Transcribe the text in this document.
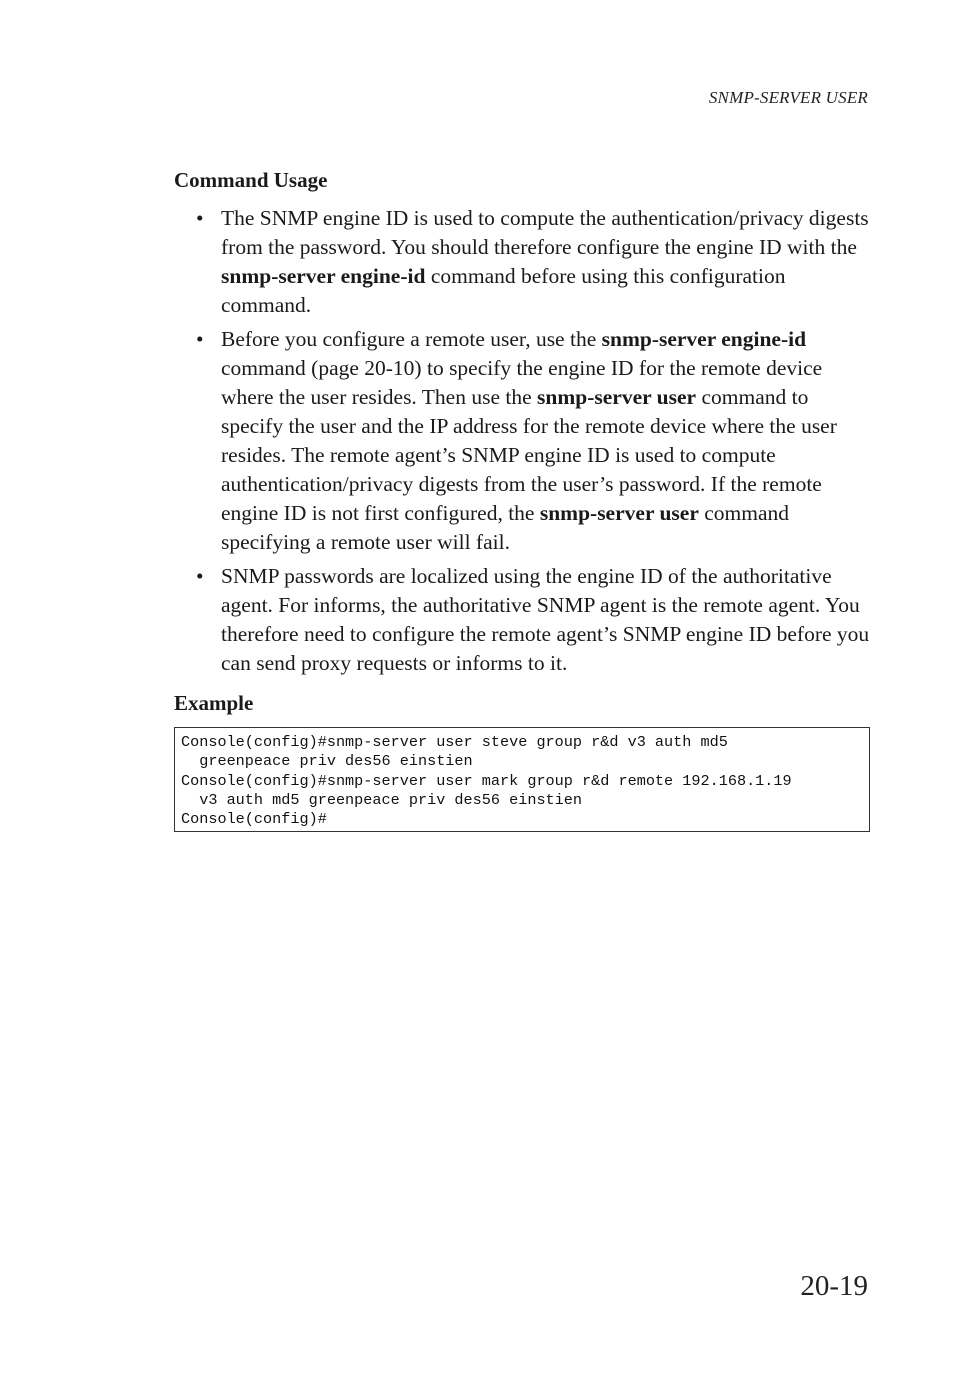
SNMP-SERVER USER
Command Usage
• The SNMP engine ID is used to compute the authentication/privacy digests from the password. You should therefore configure the engine ID with the snmp-server engine-id command before using this configuration command.
• Before you configure a remote user, use the snmp-server engine-id command (page 20-10) to specify the engine ID for the remote device where the user resides. Then use the snmp-server user command to specify the user and the IP address for the remote device where the user resides. The remote agent’s SNMP engine ID is used to compute authentication/privacy digests from the user’s password. If the remote engine ID is not first configured, the snmp-server user command specifying a remote user will fail.
• SNMP passwords are localized using the engine ID of the authoritative agent. For informs, the authoritative SNMP agent is the remote agent. You therefore need to configure the remote agent’s SNMP engine ID before you can send proxy requests or informs to it.
Example
Console(config)#snmp-server user steve group r&d v3 auth md5
greenpeace priv des56 einstien
Console(config)#snmp-server user mark group r&d remote 192.168.1.19
v3 auth md5 greenpeace priv des56 einstien
Console(config)#
20-19
